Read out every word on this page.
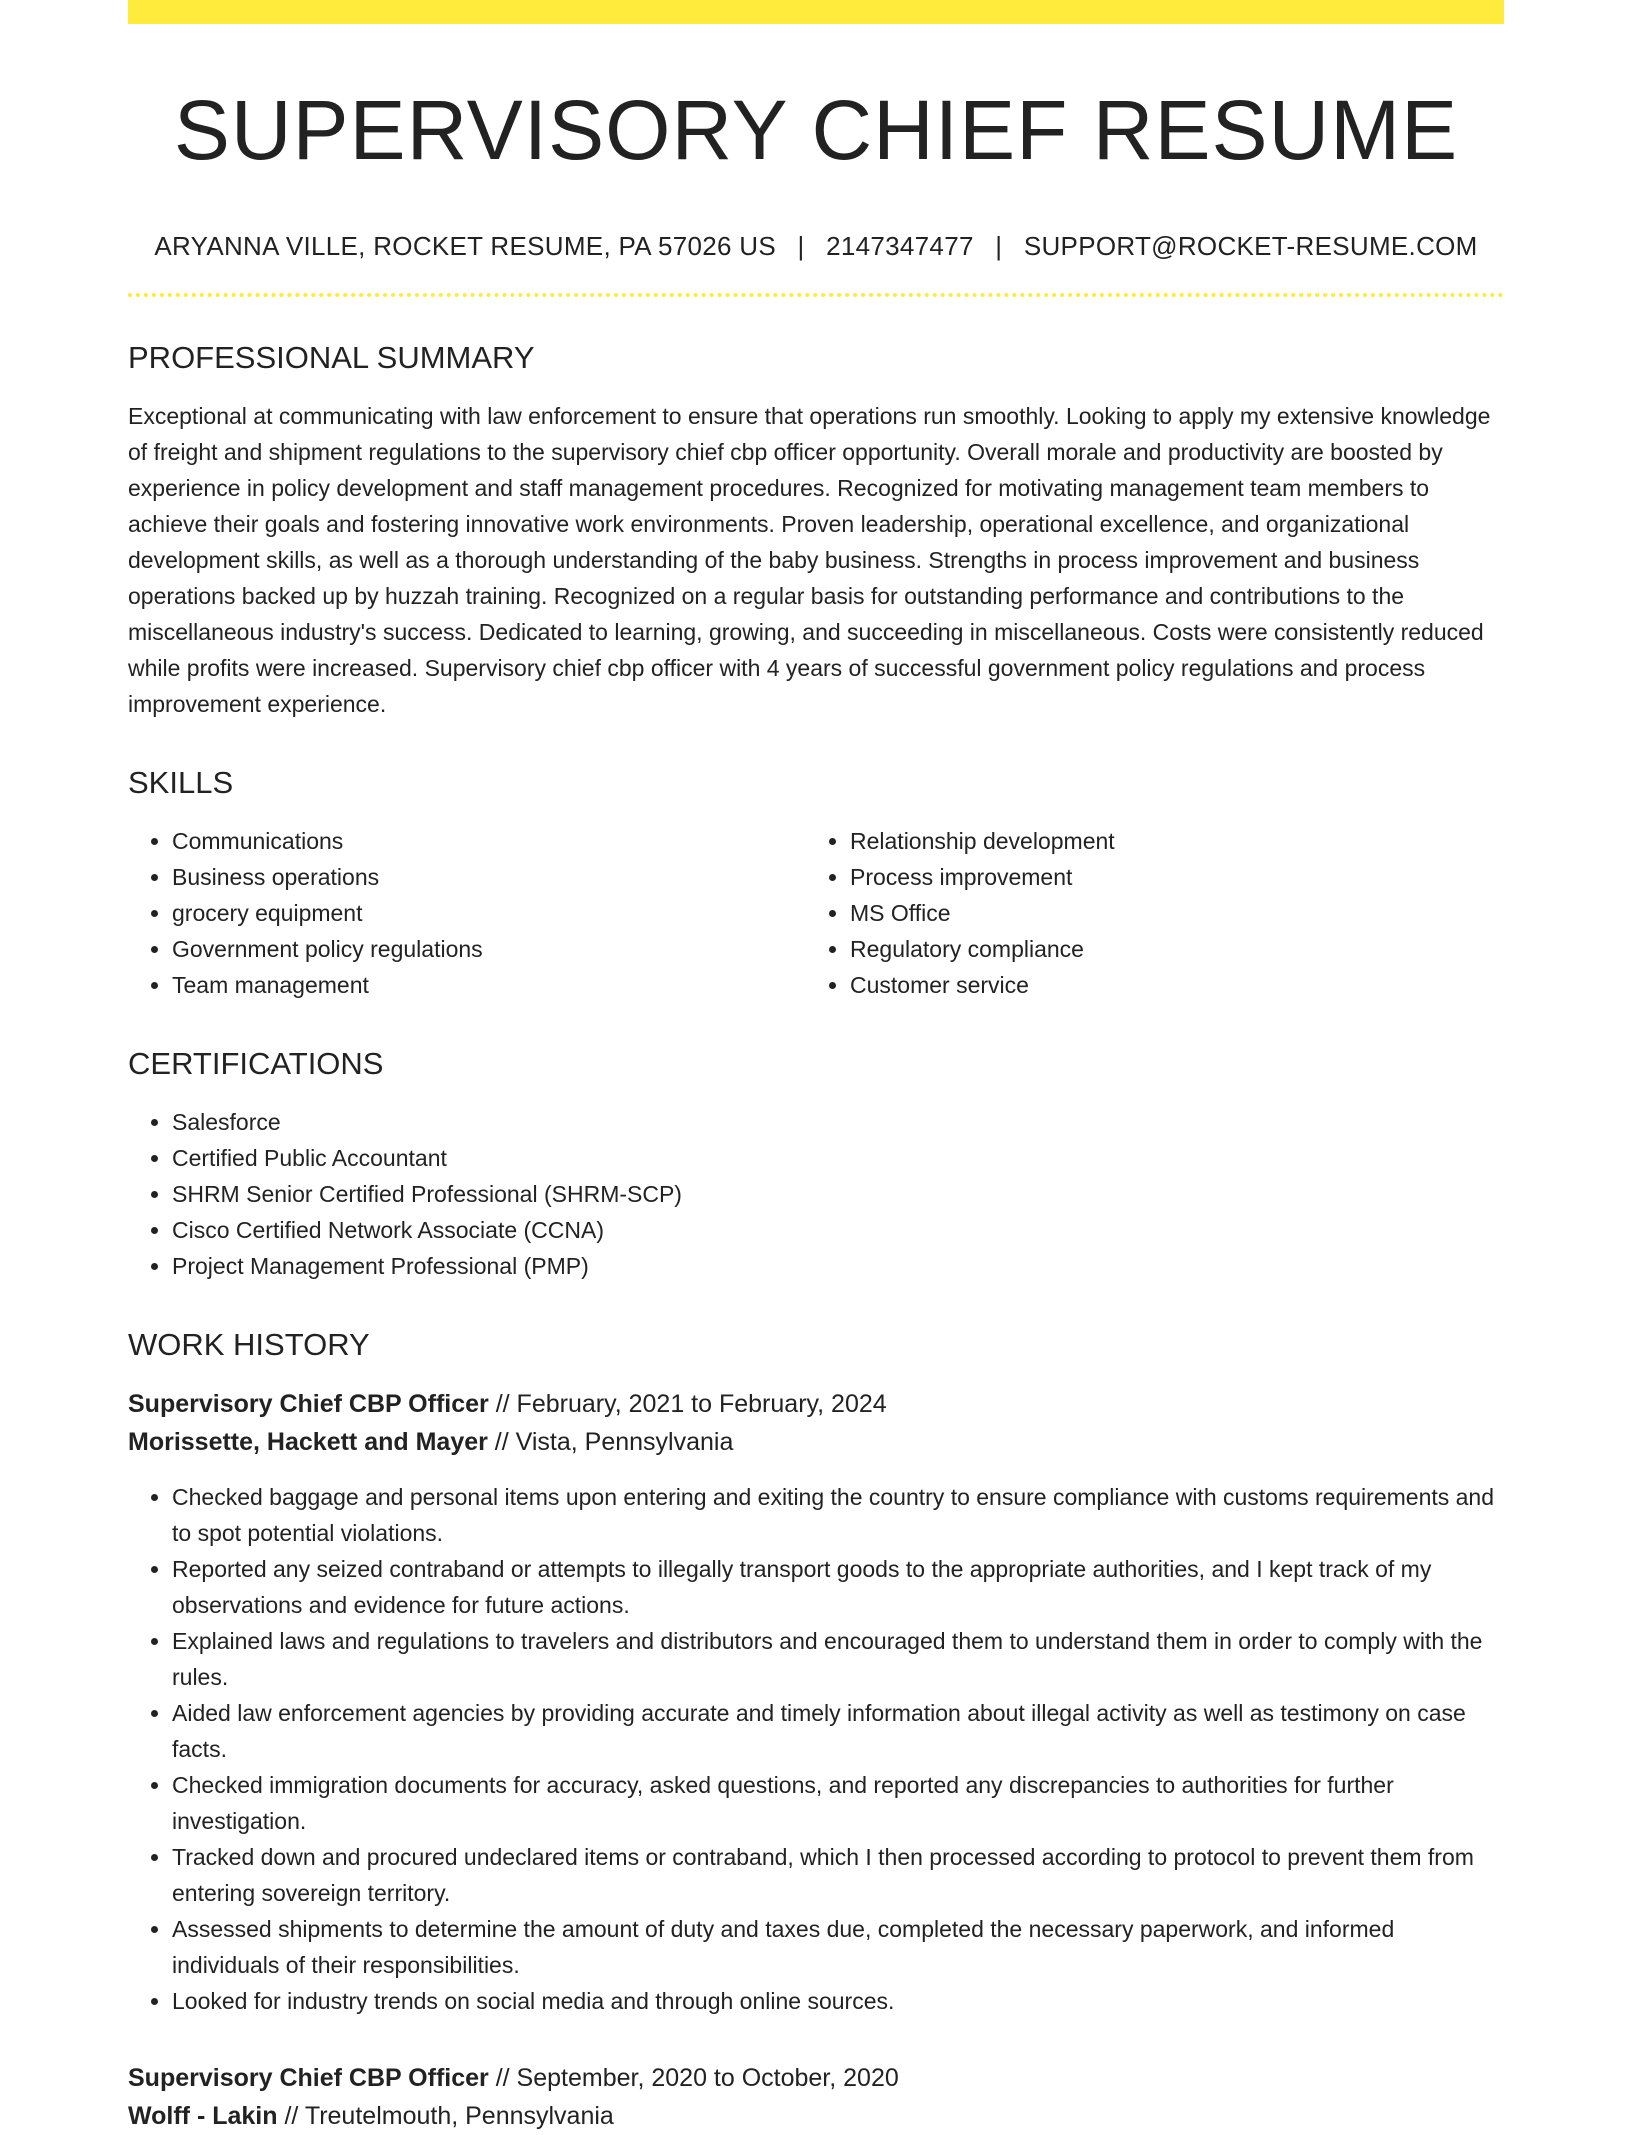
SUPERVISORY CHIEF RESUME
ARYANNA VILLE, ROCKET RESUME, PA 57026 US | 2147347477 | SUPPORT@ROCKET-RESUME.COM
PROFESSIONAL SUMMARY

Exceptional at communicating with law enforcement to ensure that operations run smoothly. Looking to apply my extensive knowledge of freight and shipment regulations to the supervisory chief cbp officer opportunity. Overall morale and productivity are boosted by experience in policy development and staff management procedures. Recognized for motivating management team members to achieve their goals and fostering innovative work environments. Proven leadership, operational excellence, and organizational development skills, as well as a thorough understanding of the baby business. Strengths in process improvement and business operations backed up by huzzah training. Recognized on a regular basis for outstanding performance and contributions to the miscellaneous industry's success. Dedicated to learning, growing, and succeeding in miscellaneous. Costs were consistently reduced while profits were increased. Supervisory chief cbp officer with 4 years of successful government policy regulations and process improvement experience.

SKILLS
• Communications
• Business operations
• grocery equipment
• Government policy regulations
• Team management
• Relationship development
• Process improvement
• MS Office
• Regulatory compliance
• Customer service
CERTIFICATIONS
• Salesforce
• Certified Public Accountant
• SHRM Senior Certified Professional (SHRM-SCP)
• Cisco Certified Network Associate (CCNA)
• Project Management Professional (PMP)
WORK HISTORY
Supervisory Chief CBP Officer // February, 2021 to February, 2024
Morissette, Hackett and Mayer // Vista, Pennsylvania
• Checked baggage and personal items upon entering and exiting the country to ensure compliance with customs requirements and to spot potential violations.
• Reported any seized contraband or attempts to illegally transport goods to the appropriate authorities, and I kept track of my observations and evidence for future actions.
• Explained laws and regulations to travelers and distributors and encouraged them to understand them in order to comply with the rules.
• Aided law enforcement agencies by providing accurate and timely information about illegal activity as well as testimony on case facts.
• Checked immigration documents for accuracy, asked questions, and reported any discrepancies to authorities for further investigation.
• Tracked down and procured undeclared items or contraband, which I then processed according to protocol to prevent them from entering sovereign territory.
• Assessed shipments to determine the amount of duty and taxes due, completed the necessary paperwork, and informed individuals of their responsibilities.
• Looked for industry trends on social media and through online sources.
Supervisory Chief CBP Officer // September, 2020 to October, 2020
Wolff - Lakin // Treutelmouth, Pennsylvania
